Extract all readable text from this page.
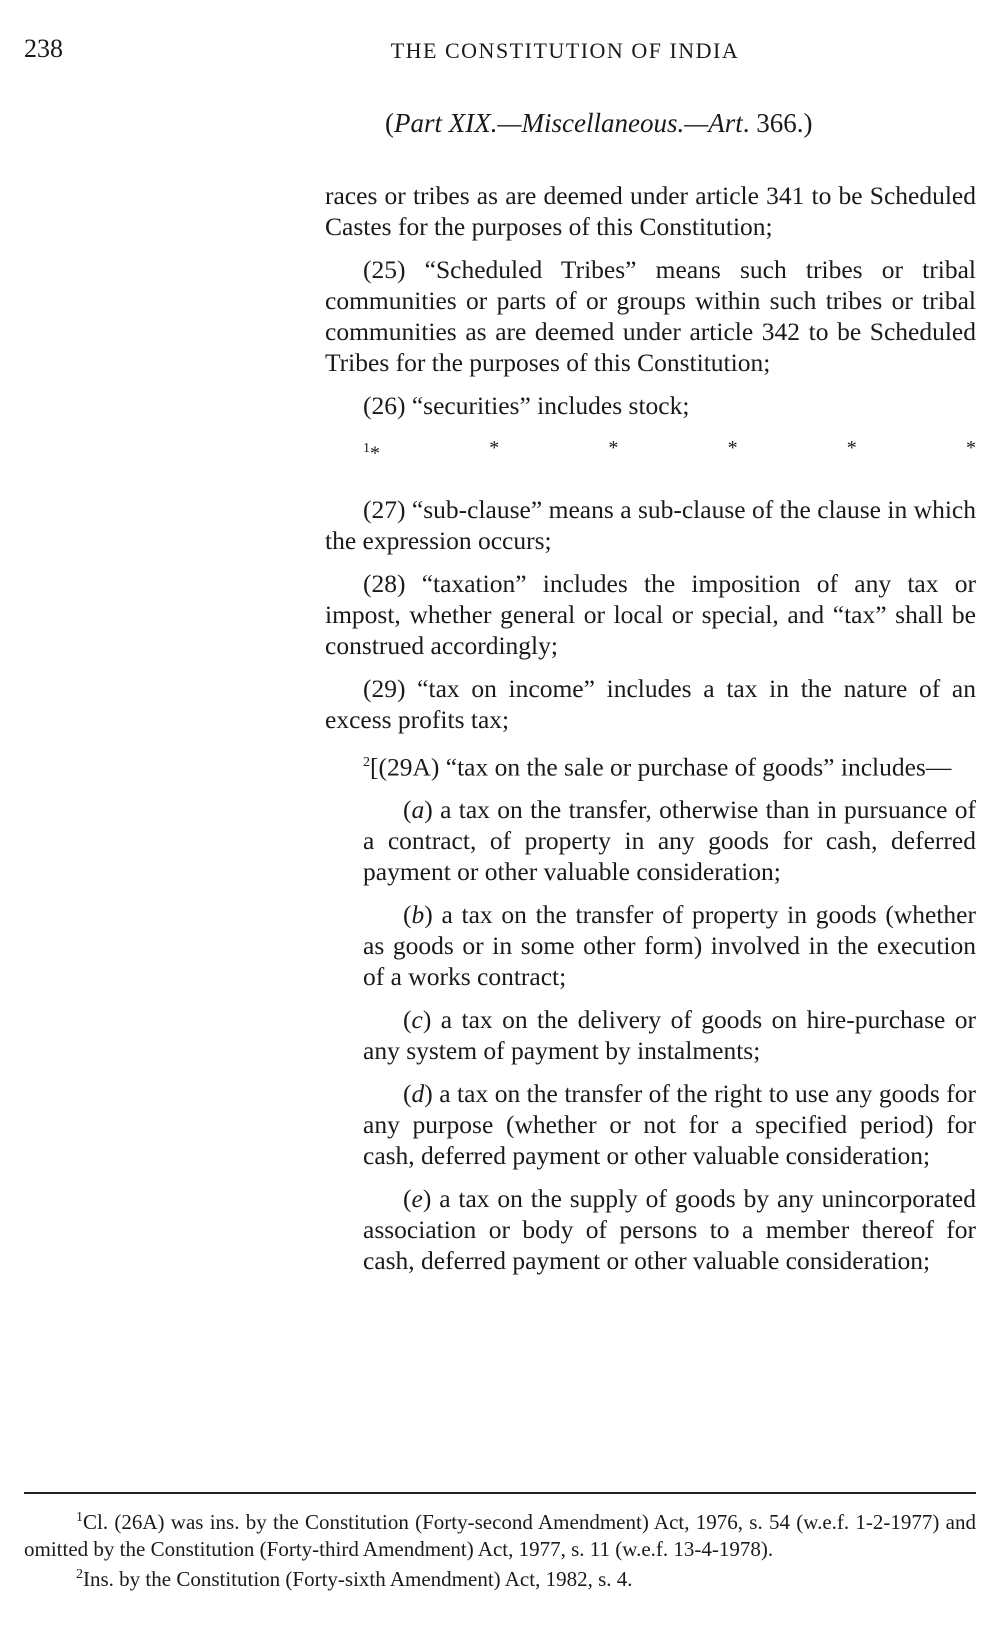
238	THE CONSTITUTION OF INDIA
(Part XIX.—Miscellaneous.—Art. 366.)

races or tribes as are deemed under article 341 to be Scheduled Castes for the purposes of this Constitution;

(25) “Scheduled Tribes” means such tribes or tribal communities or parts of or groups within such tribes or tribal communities as are deemed under article 342 to be Scheduled Tribes for the purposes of this Constitution;

(26) “securities” includes stock;

$^1$*	*	*	*	*	*

(27) “sub-clause” means a sub-clause of the clause in which the expression occurs;

(28) “taxation” includes the imposition of any tax or impost, whether general or local or special, and “tax” shall be construed accordingly;

(29) “tax on income” includes a tax in the nature of an excess profits tax;

$^2$[(29A) “tax on the sale or purchase of goods” includes—

(a) a tax on the transfer, otherwise than in pursuance of a contract, of property in any goods for cash, deferred payment or other valuable consideration;

(b) a tax on the transfer of property in goods (whether as goods or in some other form) involved in the execution of a works contract;

(c) a tax on the delivery of goods on hire-purchase or any system of payment by instalments;

(d) a tax on the transfer of the right to use any goods for any purpose (whether or not for a specified period) for cash, deferred payment or other valuable consideration;

(e) a tax on the supply of goods by any unincorporated association or body of persons to a member thereof for cash, deferred payment or other valuable consideration;

$^1$Cl. (26A) was ins. by the Constitution (Forty-second Amendment) Act, 1976, s. 54 (w.e.f. 1-2-1977) and omitted by the Constitution (Forty-third Amendment) Act, 1977, s. 11 (w.e.f. 13-4-1978).

$^2$Ins. by the Constitution (Forty-sixth Amendment) Act, 1982, s. 4.
